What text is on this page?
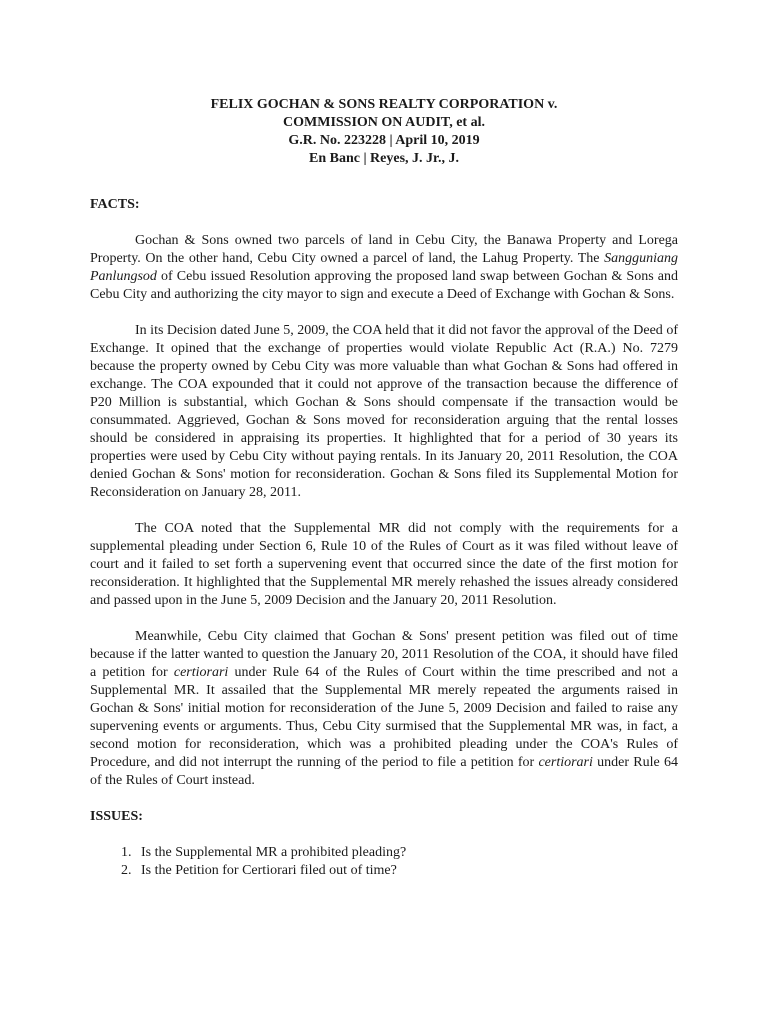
FELIX GOCHAN & SONS REALTY CORPORATION v.
COMMISSION ON AUDIT, et al.
G.R. No. 223228 | April 10, 2019
En Banc | Reyes, J. Jr., J.
FACTS:

Gochan & Sons owned two parcels of land in Cebu City, the Banawa Property and Lorega Property. On the other hand, Cebu City owned a parcel of land, the Lahug Property. The Sangguniang Panlungsod of Cebu issued Resolution approving the proposed land swap between Gochan & Sons and Cebu City and authorizing the city mayor to sign and execute a Deed of Exchange with Gochan & Sons.

In its Decision dated June 5, 2009, the COA held that it did not favor the approval of the Deed of Exchange. It opined that the exchange of properties would violate Republic Act (R.A.) No. 7279 because the property owned by Cebu City was more valuable than what Gochan & Sons had offered in exchange. The COA expounded that it could not approve of the transaction because the difference of P20 Million is substantial, which Gochan & Sons should compensate if the transaction would be consummated. Aggrieved, Gochan & Sons moved for reconsideration arguing that the rental losses should be considered in appraising its properties. It highlighted that for a period of 30 years its properties were used by Cebu City without paying rentals. In its January 20, 2011 Resolution, the COA denied Gochan & Sons' motion for reconsideration. Gochan & Sons filed its Supplemental Motion for Reconsideration on January 28, 2011.

The COA noted that the Supplemental MR did not comply with the requirements for a supplemental pleading under Section 6, Rule 10 of the Rules of Court as it was filed without leave of court and it failed to set forth a supervening event that occurred since the date of the first motion for reconsideration. It highlighted that the Supplemental MR merely rehashed the issues already considered and passed upon in the June 5, 2009 Decision and the January 20, 2011 Resolution.

Meanwhile, Cebu City claimed that Gochan & Sons' present petition was filed out of time because if the latter wanted to question the January 20, 2011 Resolution of the COA, it should have filed a petition for certiorari under Rule 64 of the Rules of Court within the time prescribed and not a Supplemental MR. It assailed that the Supplemental MR merely repeated the arguments raised in Gochan & Sons' initial motion for reconsideration of the June 5, 2009 Decision and failed to raise any supervening events or arguments. Thus, Cebu City surmised that the Supplemental MR was, in fact, a second motion for reconsideration, which was a prohibited pleading under the COA's Rules of Procedure, and did not interrupt the running of the period to file a petition for certiorari under Rule 64 of the Rules of Court instead.

ISSUES:
1. Is the Supplemental MR a prohibited pleading?
2. Is the Petition for Certiorari filed out of time?
